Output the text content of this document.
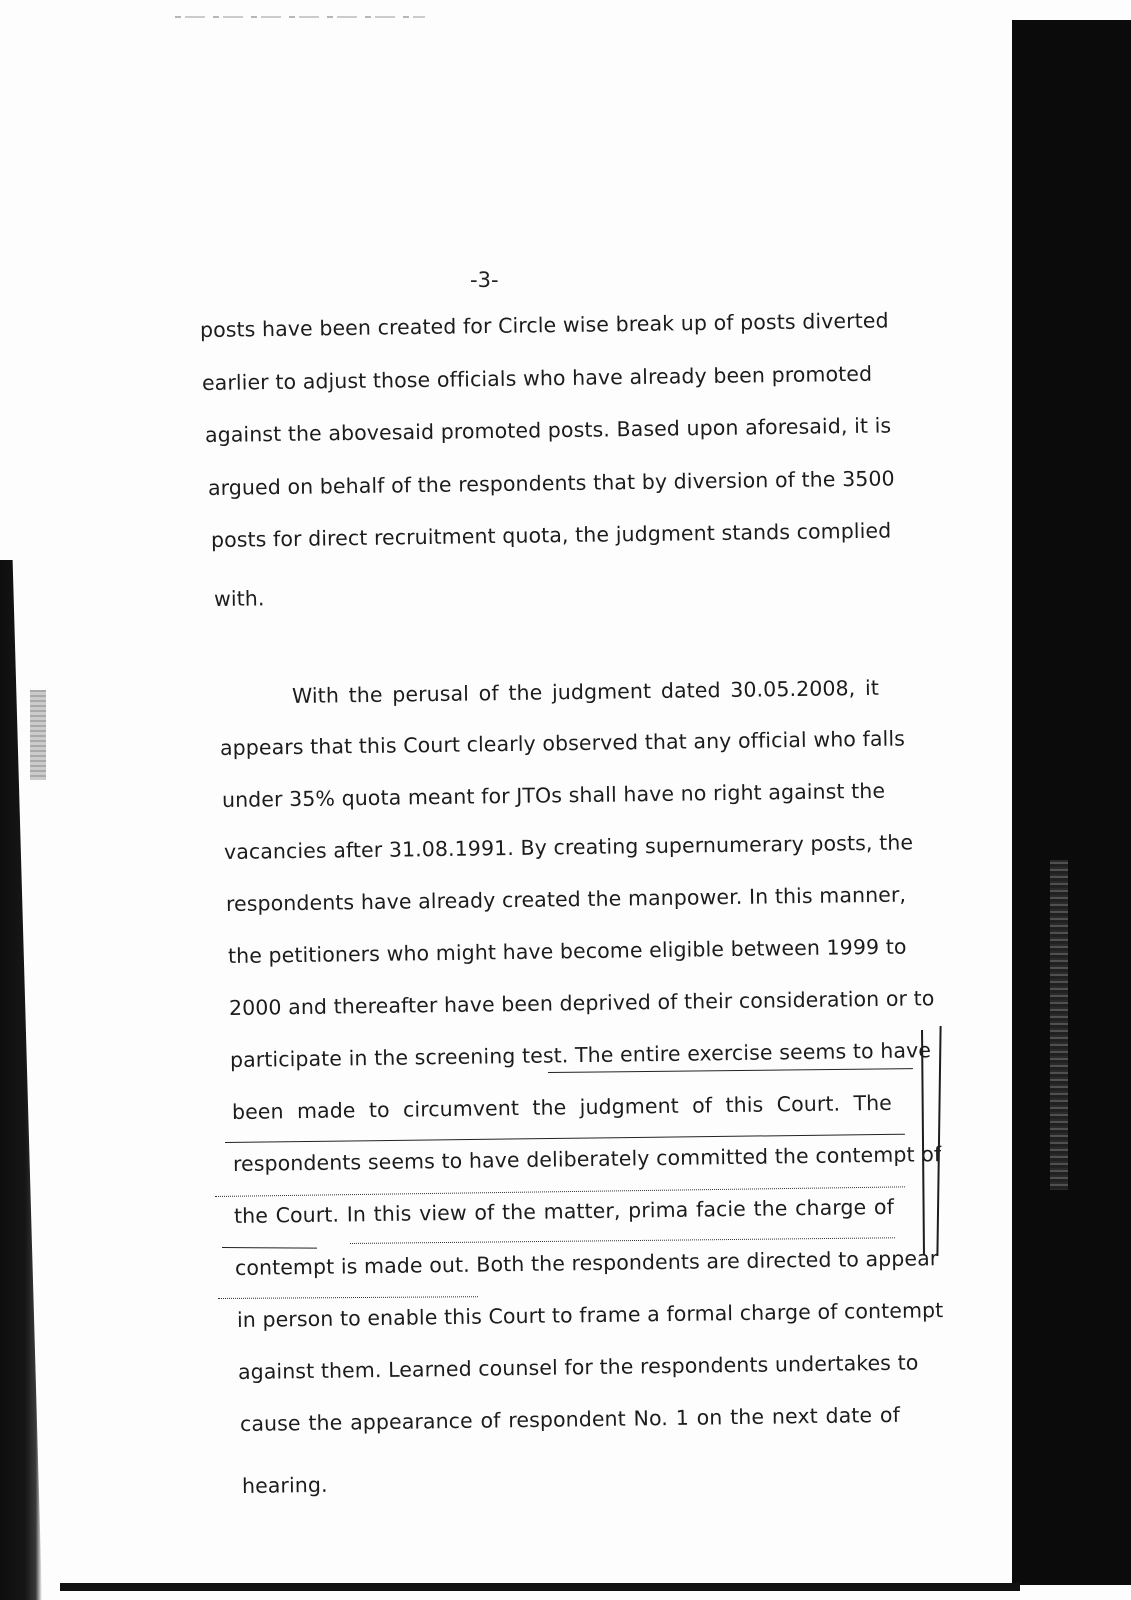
-3-
posts have been created for Circle wise break up of posts diverted
earlier to adjust those officials who have already been promoted
against the abovesaid promoted posts. Based upon aforesaid, it is
argued on behalf of the respondents that by diversion of the 3500
posts for direct recruitment quota, the judgment stands complied
with.
With the perusal of the judgment dated 30.05.2008, it
appears that this Court clearly observed that any official who falls
under 35% quota meant for JTOs shall have no right against the
vacancies after 31.08.1991. By creating supernumerary posts, the
respondents have already created the manpower. In this manner,
the petitioners who might have become eligible between 1999 to
2000 and thereafter have been deprived of their consideration or to
participate in the screening test. The entire exercise seems to have
been made to circumvent the judgment of this Court. The
respondents seems to have deliberately committed the contempt of
the Court. In this view of the matter, prima facie the charge of
contempt is made out. Both the respondents are directed to appear
in person to enable this Court to frame a formal charge of contempt
against them. Learned counsel for the respondents undertakes to
cause the appearance of respondent No. 1 on the next date of
hearing.
